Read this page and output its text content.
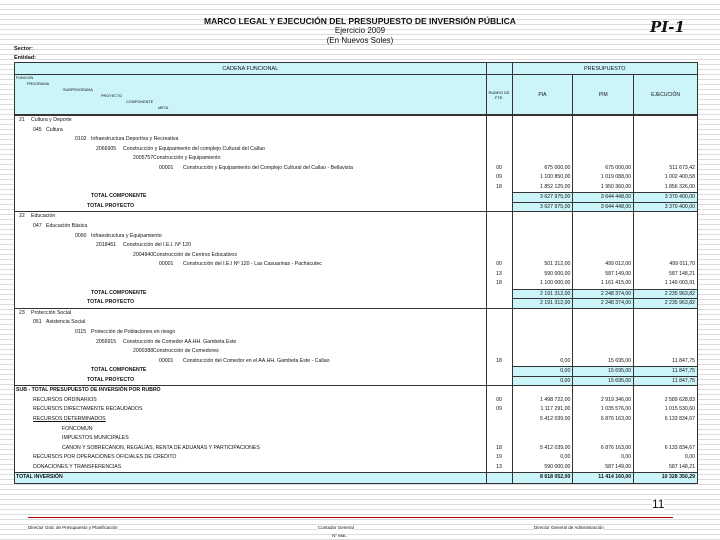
MARCO LEGAL Y EJECUCIÓN DEL PRESUPUESTO DE INVERSIÓN PÚBLICA
Ejercicio 2009
(En Nuevos Soles)
PI-1
Sector:
Entidad:
CADENA FUNCIONAL	PRESUPUESTO
FUNCION
PROGRAMA
SUBPROGRAMA
PROYECTO
COMPONENTE
META
RUBRO DE FTE.	PIA	PIM	EJECUCIÓN
21 Cultura y Deporte
045 Cultura
0102 Infraestructura Deportiva y Recreativa
2066905 Construcción y Equipamiento del complejo Cultural del Callao
2005757 Construcción y Equipamiento
00001 Construcción y Equipamiento del Complejo Cultural del Callao - Bellavista	00	675 000,00	675 000,00	511 673,42
09	1 100 850,00	1 019 088,00	1 002 400,58
18	1 852 125,00	1 950 360,00	1 856 326,00
TOTAL COMPONENTE	3 627 975,00	3 644 448,00	3 370 400,00
TOTAL PROYECTO	3 627 975,00	3 644 448,00	3 370 400,00
22 Educación
047 Educación Básica
0090 Infraestructura y Equipamiento
2018461 Construcción del I.E.I. Nº 120
2004940 Construcción de Centros Educativos
00001 Construcción del I.E.I Nº 120 - Las Casuarinas - Pachacutec	00	501 312,00	499 012,00	499 011,70
13	590 000,00	587 149,00	587 148,21
18	1 100 000,00	1 161 415,00	1 149 003,91
TOTAL COMPONENTE	2 191 312,00	2 248 374,00	2 235 963,82
TOTAL PROYECTO	2 191 312,00	2 248 374,00	2 235 963,82
23 Protección Social
051 Asistencia Social
0115 Protección de Poblaciones en riesgo
2056915 Construcción de Comedor AA.HH. Gambeta Este
2000388 Construcción de Comedores
00001 Construcción del Comedor en el AA.HH. Gambeta Este - Callao	18	0,00	15 695,00	11 847,75
TOTAL COMPONENTE	0,00	15 695,00	11 847,75
TOTAL PROYECTO	0,00	15 695,00	11 847,75
SUB - TOTAL PRESUPUESTO DE INVERSIÓN POR RUBRO
RECURSOS ORDINARIOS	00	1 498 722,00	2 919 346,00	2 589 628,83
RECURSOS DIRECTAMENTE RECAUDADOS	09	1 117 291,00	1 035 576,00	1 015 530,60
RECURSOS DETERMINADOS	5 412 039,00	6 876 163,00	6 133 834,67
FONCOMUN
IMPUESTOS MUNICIPALES
CANON Y SOBRECANON, REGALÍAS, RENTA DE ADUANAS Y PARTICIPACIONES	18	5 412 039,00	6 876 163,00	6 133 834,67
RECURSOS POR OPERACIONES OFICIALES DE CREDITO	19	0,00	0,00	0,00
DONACIONES Y TRANSFERENCIAS	13	590 000,00	587 149,00	587 148,21
TOTAL INVERSIÓN	8 618 052,00	11 414 160,00	10 328 350,29
11
Director Gral. de Presupuesto y Planificación	Contador General	Director General de Administración
Nº Mat.
